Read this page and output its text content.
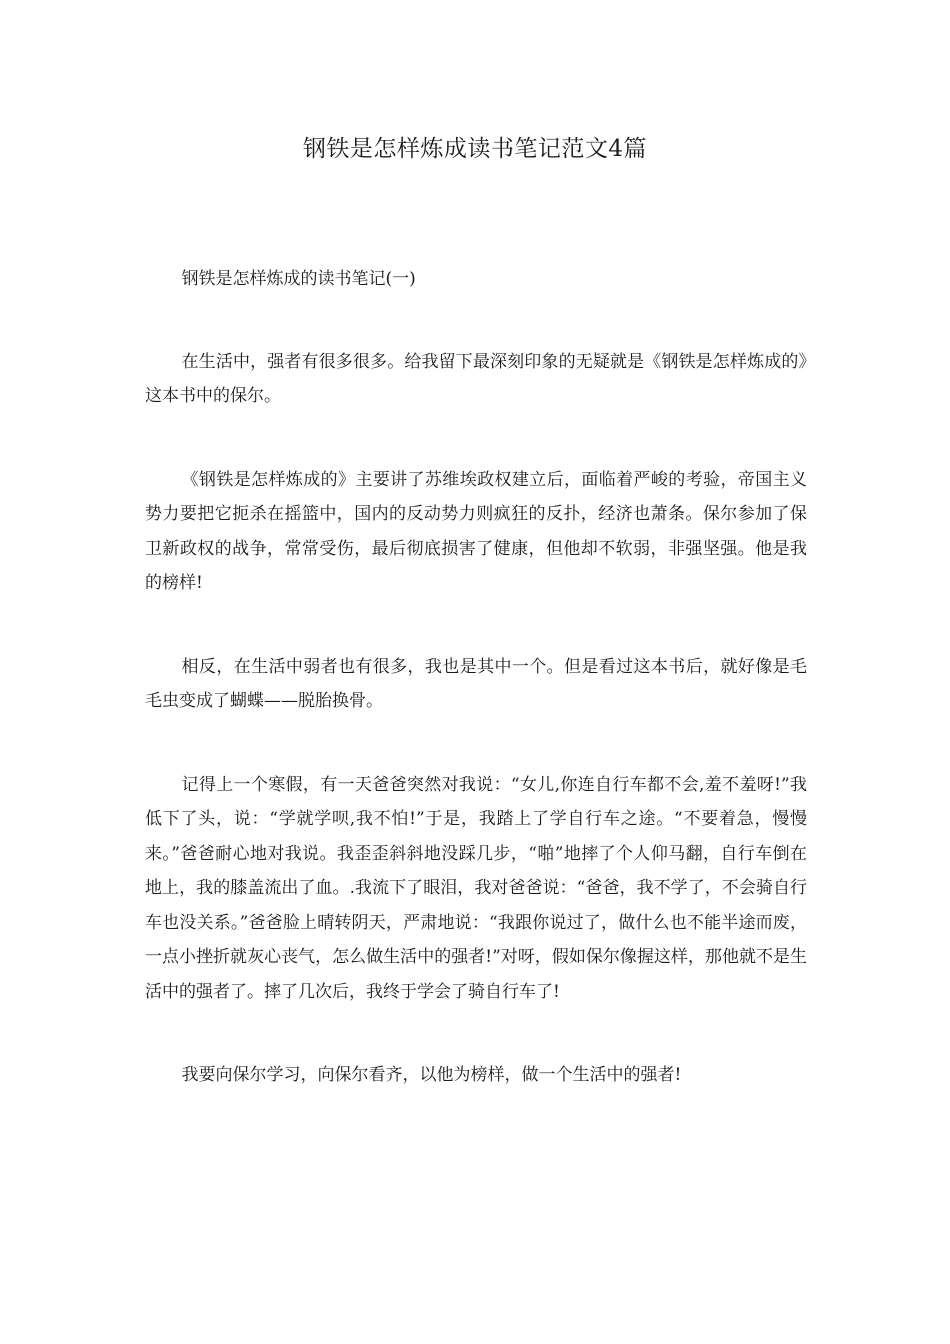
钢铁是怎样炼成读书笔记范文4篇

钢铁是怎样炼成的读书笔记(一)

在生活中，强者有很多很多。给我留下最深刻印象的无疑就是《钢铁是怎样炼成的》这本书中的保尔。

《钢铁是怎样炼成的》主要讲了苏维埃政权建立后，面临着严峻的考验，帝国主义势力要把它扼杀在摇篮中，国内的反动势力则疯狂的反扑，经济也萧条。保尔参加了保卫新政权的战争，常常受伤，最后彻底损害了健康，但他却不软弱，非强坚强。他是我的榜样!

相反，在生活中弱者也有很多，我也是其中一个。但是看过这本书后，就好像是毛毛虫变成了蝴蝶——脱胎换骨。

记得上一个寒假，有一天爸爸突然对我说：“女儿,你连自行车都不会,羞不羞呀!”我低下了头，说：“学就学呗,我不怕!”于是，我踏上了学自行车之途。“不要着急，慢慢来。”爸爸耐心地对我说。我歪歪斜斜地没踩几步，“啪”地摔了个人仰马翻，自行车倒在地上，我的膝盖流出了血。.我流下了眼泪，我对爸爸说：“爸爸，我不学了，不会骑自行车也没关系。”爸爸脸上晴转阴天，严肃地说：“我跟你说过了，做什么也不能半途而废，一点小挫折就灰心丧气，怎么做生活中的强者!”对呀，假如保尔像握这样，那他就不是生活中的强者了。摔了几次后，我终于学会了骑自行车了!

我要向保尔学习，向保尔看齐，以他为榜样，做一个生活中的强者!
